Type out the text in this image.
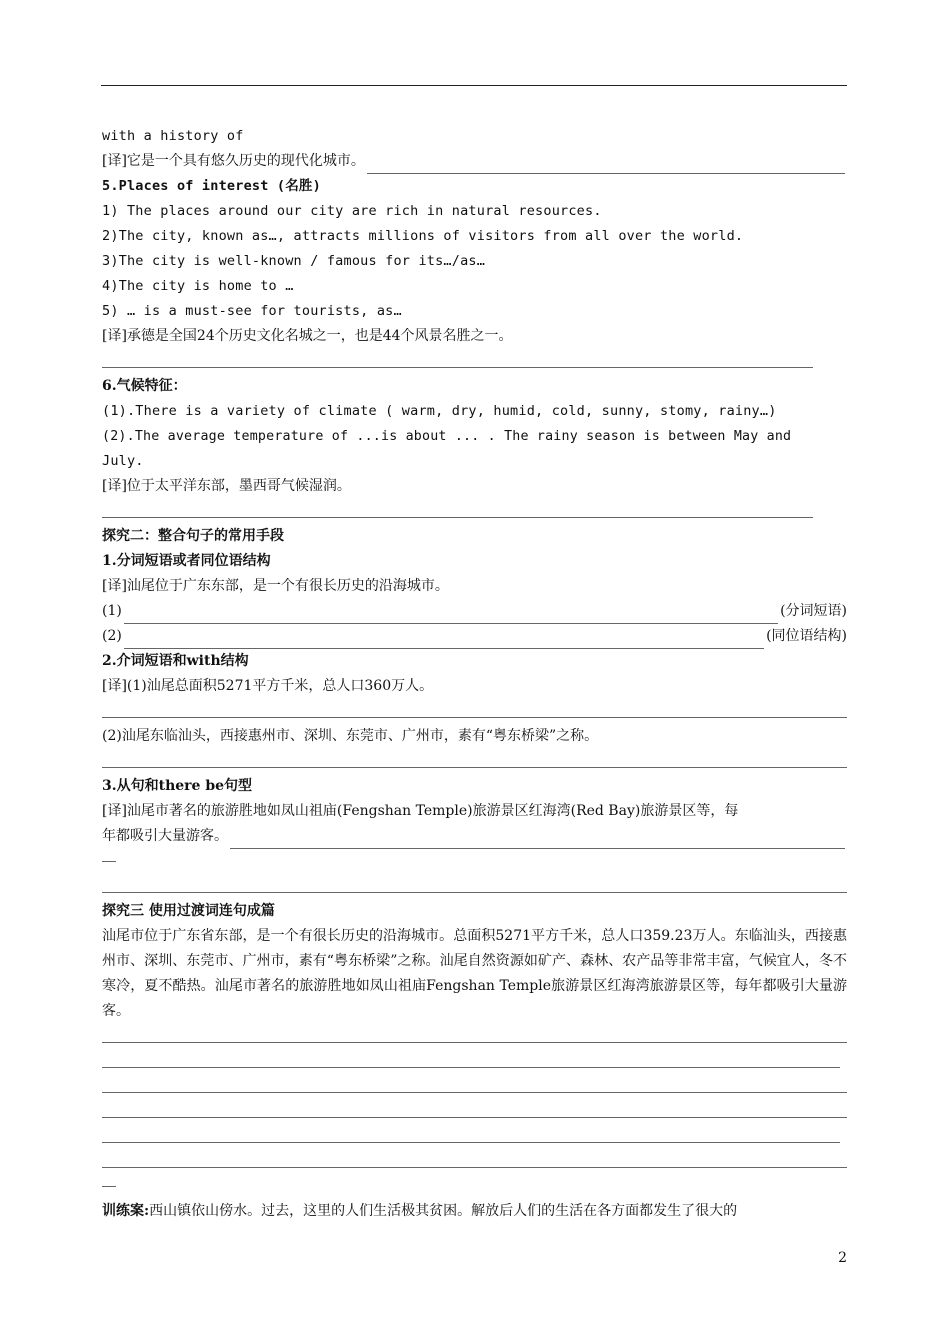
with a history of
[译]它是一个具有悠久历史的现代化城市。
5.Places of interest (名胜)
1) The places around our city are rich in natural resources.
2)The city, known as…, attracts millions of visitors from all over the world.
3)The city is well-known / famous for its…/as…
4)The city is home to …
5) … is a must-see for tourists, as…
[译]承德是全国24个历史文化名城之一，也是44个风景名胜之一。
6.气候特征：
(1).There is a variety of climate ( warm, dry, humid, cold, sunny, stomy, rainy…)
(2).The average temperature of ...is about ... . The rainy season is between May and
July.
[译]位于太平洋东部，墨西哥气候湿润。
探究二：整合句子的常用手段
1.分词短语或者同位语结构
[译]汕尾位于广东东部，是一个有很长历史的沿海城市。
(1)	(分词短语)
(2)	(同位语结构)
2.介词短语和with结构
[译](1)汕尾总面积5271平方千米，总人口360万人。
(2)汕尾东临汕头，西接惠州市、深圳、东莞市、广州市，素有“粤东桥梁”之称。
3.从句和there be句型
[译]汕尾市著名的旅游胜地如凤山祖庙(Fengshan Temple)旅游景区红海湾(Red Bay)旅游景区等，每
年都吸引大量游客。
探究三 使用过渡词连句成篇
汕尾市位于广东省东部，是一个有很长历史的沿海城市。总面积5271平方千米，总人口359.23万人。东临汕头，西接惠州市、深圳、东莞市、广州市，素有“粤东桥梁”之称。汕尾自然资源如矿产、森林、农产品等非常丰富，气候宜人，冬不寒冷，夏不酷热。汕尾市著名的旅游胜地如凤山祖庙Fengshan Temple旅游景区红海湾旅游景区等，每年都吸引大量游客。
训练案:西山镇依山傍水。过去，这里的人们生活极其贫困。解放后人们的生活在各方面都发生了很大的
2
